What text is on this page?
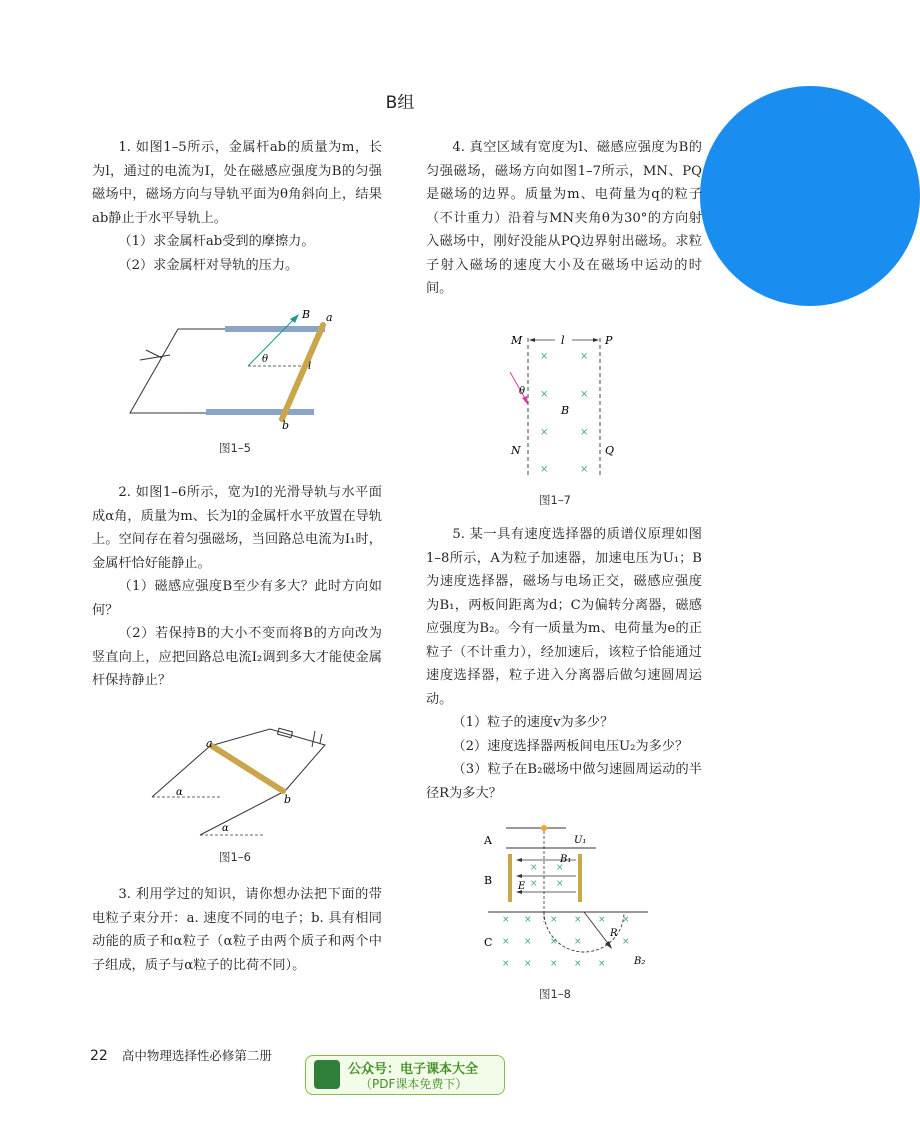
B组

1. 如图1–5所示，金属杆ab的质量为m，长为l，通过的电流为I，处在磁感应强度为B的匀强磁场中，磁场方向与导轨平面为θ角斜向上，结果ab静止于水平导轨上。

（1）求金属杆ab受到的摩擦力。

（2）求金属杆对导轨的压力。

B a
b
θ
l
图1–5

2. 如图1–6所示，宽为l的光滑导轨与水平面成α角，质量为m、长为l的金属杆水平放置在导轨上。空间存在着匀强磁场，当回路总电流为I₁时，金属杆恰好能静止。

（1）磁感应强度B至少有多大？此时方向如何？

（2）若保持B的大小不变而将B的方向改为竖直向上，应把回路总电流I₂调到多大才能使金属杆保持静止？

a
b
α
α
图1–6

3. 利用学过的知识，请你想办法把下面的带电粒子束分开：a. 速度不同的电子；b. 具有相同动能的质子和α粒子（α粒子由两个质子和两个中子组成，质子与α粒子的比荷不同）。

4. 真空区域有宽度为l、磁感应强度为B的匀强磁场，磁场方向如图1–7所示，MN、PQ是磁场的边界。质量为m、电荷量为q的粒子（不计重力）沿着与MN夹角θ为30°的方向射入磁场中，刚好没能从PQ边界射出磁场。求粒子射入磁场的速度大小及在磁场中运动的时间。

×	×
×	×
×	×
×	×
M	P
N	Q
l
B
θ
图1–7

5. 某一具有速度选择器的质谱仪原理如图1–8所示，A为粒子加速器，加速电压为U₁；B为速度选择器，磁场与电场正交，磁感应强度为B₁，两板间距离为d；C为偏转分离器，磁感应强度为B₂。今有一质量为m、电荷量为e的正粒子（不计重力），经加速后，该粒子恰能通过速度选择器，粒子进入分离器后做匀速圆周运动。

（1）粒子的速度v为多少？

（2）速度选择器两板间电压U₂为多少？

（3）粒子在B₂磁场中做匀速圆周运动的半径R为多大？

× ×
× ×
× × × × × ×
× × × ×	×
× × × × ×
A
B
C
U₁
B₁
E
R
B₂
图1–8
22 高中物理选择性必修第二册
公众号：电子课本大全
（PDF课本免费下）
